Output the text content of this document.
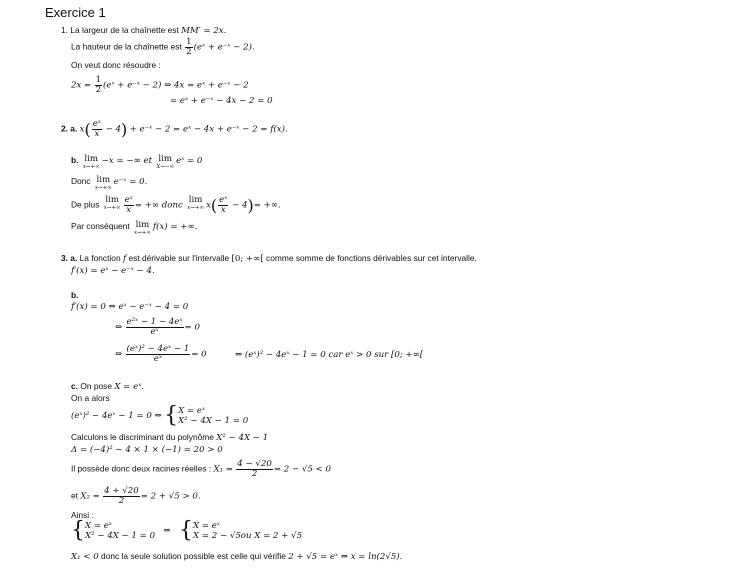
Exercice 1
1. La largeur de la chaînette est MM′ = 2x.
La hauteur de la chaînette est $\frac{1}{2}$ (eˣ + e⁻ˣ − 2).
On veut donc résoudre :
$2x = \frac{1}{2}$ (eˣ + e⁻ˣ − 2) ⇔ 4x = eˣ + e⁻ˣ − 2
= eˣ + e⁻ˣ − 4x − 2 = 0
2. a. $x( \frac{\text{eˣ}}{x} - 4)$ + e⁻ˣ − 2 = eˣ − 4x + e⁻ˣ − 2 = f(x).
b. lim
x→+∞
−x = −∞ et lim
X→−∞
eˣ = 0
Donc lim
x→+∞
e⁻ˣ = 0.
De plus lim
$x\to+\infty \frac{\text{eˣ}}{x}$ = +∞ donc lim
x→+∞ $x( \frac{\text{eˣ}}{x} - 4)=$ +∞.
Par conséquent lim
x→+∞
f(x) = +∞.
3. a. La fonction f est dérivable sur l'intervalle [0; +∞[ comme somme de fonctions dérivables sur cet intervalle.
f′(x) = eˣ − e⁻ˣ − 4.
b.
f′(x) = 0 ⇔ eˣ − e⁻ˣ − 4 = 0
⇔ $\frac{\text{e²ˣ − 1 − 4eˣ}}{\text{eˣ}} = 0$
⇔ $\frac{\text{(eˣ)² − 4eˣ − 1}}{\text{eˣ}} = 0$	⇔ (eˣ)² − 4eˣ − 1 = 0 car eˣ > 0 sur [0; +∞[
c. On pose X = eˣ.
On a alors
(eˣ)² − 4eˣ − 1 = 0 ⇔ { X = eˣ
X² − 4X − 1 = 0
Calculons le discriminant du polynôme X² − 4X − 1
Δ = (−4)² − 4 × 1 × (−1) = 20 > 0
Il possède donc deux racines réelles : $X_1 = \frac{4 - √20}{2} = 2 - √5 < 0$
et $X_2 = \frac{4 + √20}{2} = 2 + √5 > 0$.
Ainsi :
{ X = eˣ
X² − 4X − 1 = 0 ⇔ { X = eˣ
X = 2 − √5ou X = 2 + √5
X₁ < 0 donc la seule solution possible est celle qui vérifie 2 + √5 = eˣ ⇔ x = ln(2√5).
